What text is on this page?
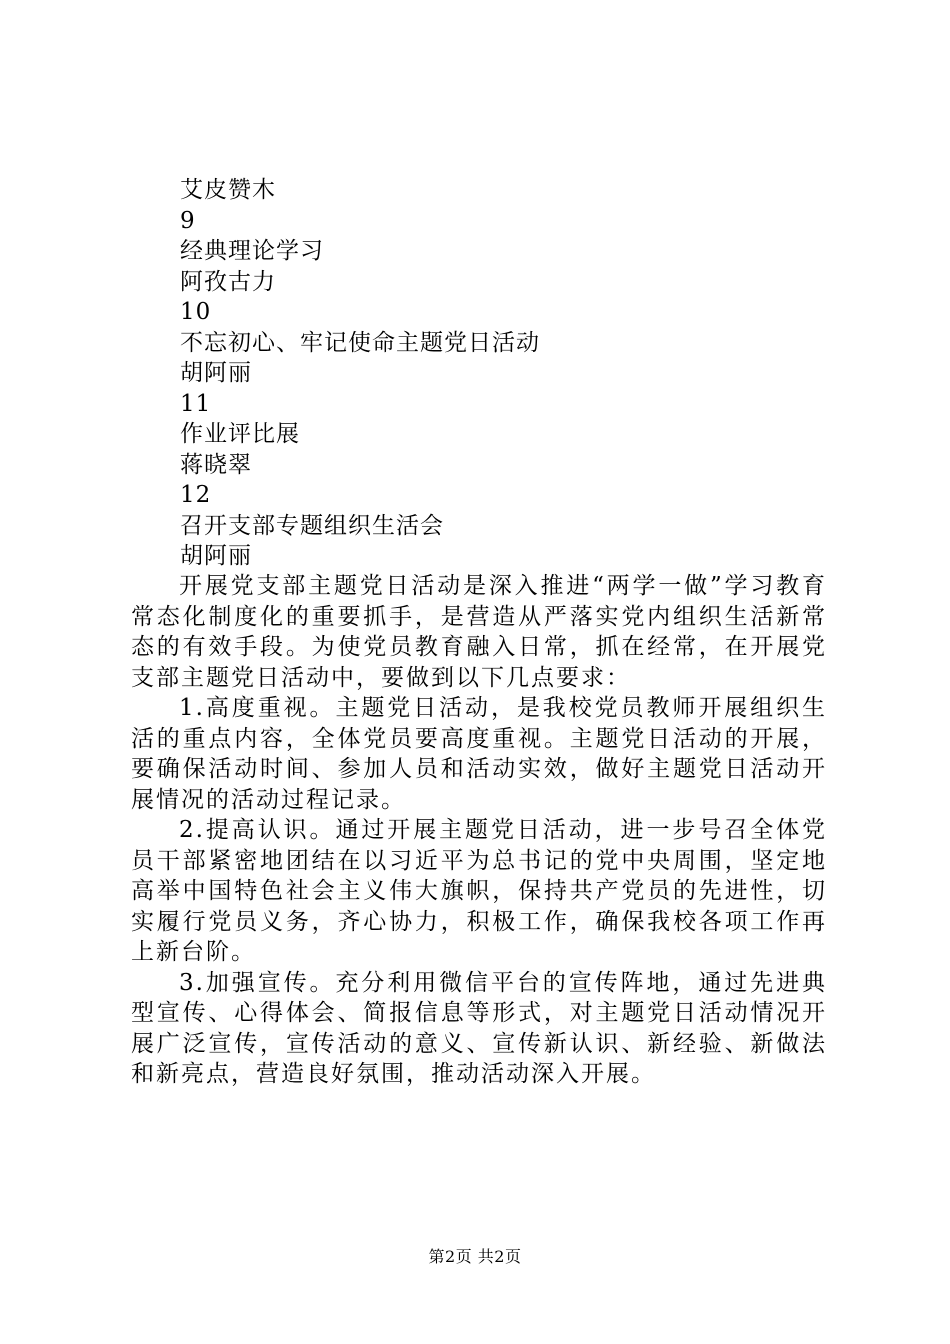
艾皮赞木
9
经典理论学习
阿孜古力
10
不忘初心、牢记使命主题党日活动
胡阿丽
11
作业评比展
蒋晓翠
12
召开支部专题组织生活会
胡阿丽

开展党支部主题党日活动是深入推进“两学一做”学习教育常态化制度化的重要抓手，是营造从严落实党内组织生活新常态的有效手段。为使党员教育融入日常，抓在经常，在开展党支部主题党日活动中，要做到以下几点要求：

1.高度重视。主题党日活动，是我校党员教师开展组织生活的重点内容，全体党员要高度重视。主题党日活动的开展，要确保活动时间、参加人员和活动实效，做好主题党日活动开展情况的活动过程记录。

2.提高认识。通过开展主题党日活动，进一步号召全体党员干部紧密地团结在以习近平为总书记的党中央周围，坚定地高举中国特色社会主义伟大旗帜，保持共产党员的先进性，切实履行党员义务，齐心协力，积极工作，确保我校各项工作再上新台阶。

3.加强宣传。充分利用微信平台的宣传阵地，通过先进典型宣传、心得体会、简报信息等形式，对主题党日活动情况开展广泛宣传，宣传活动的意义、宣传新认识、新经验、新做法和新亮点，营造良好氛围，推动活动深入开展。

第2页 共2页
